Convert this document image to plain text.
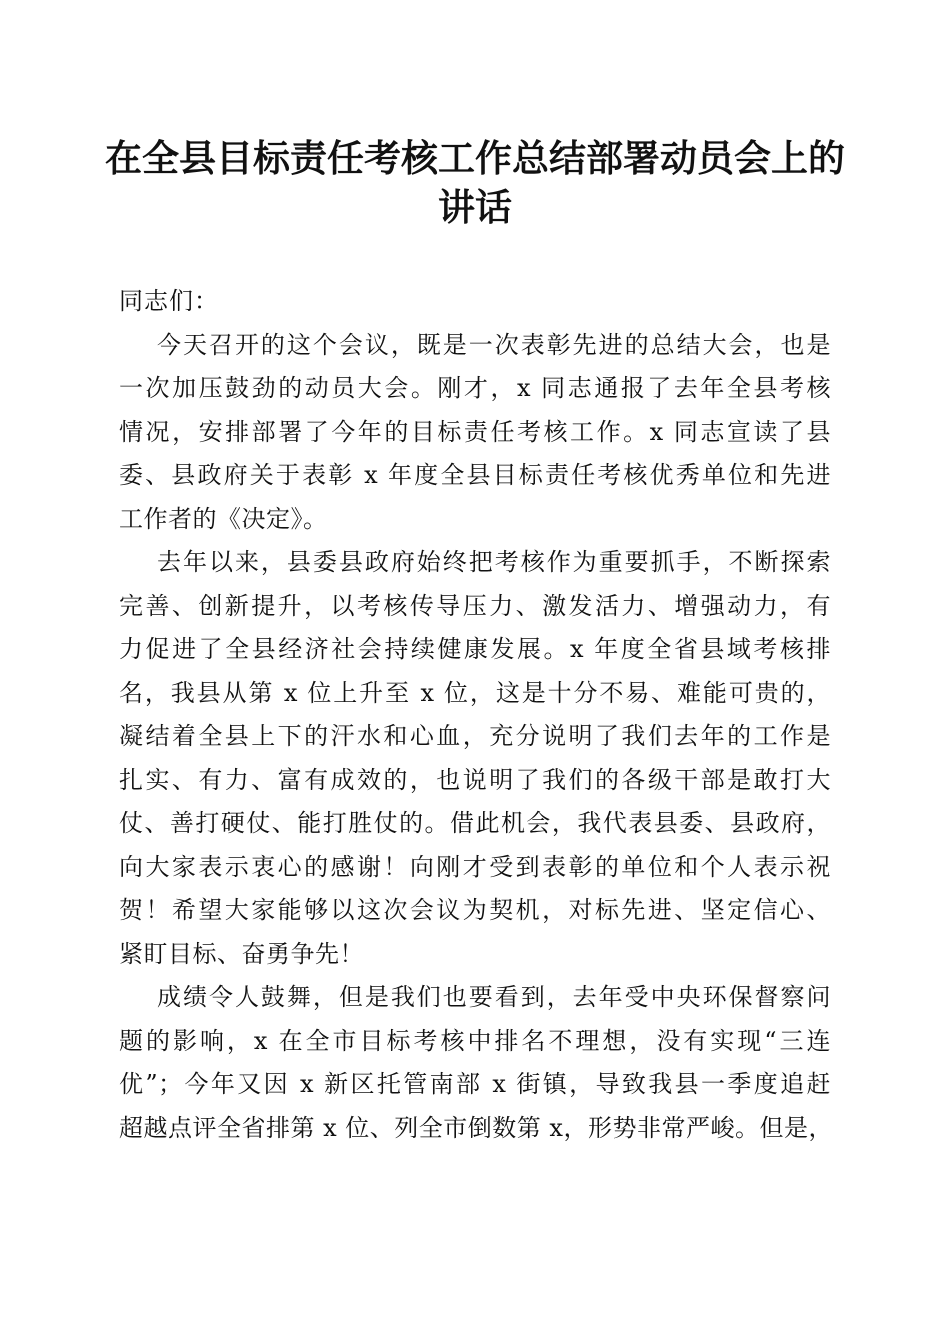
在全县目标责任考核工作总结部署动员会上的
讲话

同志们：

今天召开的这个会议，既是一次表彰先进的总结大会，也是
一次加压鼓劲的动员大会。刚才，x 同志通报了去年全县考核
情况，安排部署了今年的目标责任考核工作。x 同志宣读了县
委、县政府关于表彰 x 年度全县目标责任考核优秀单位和先进
工作者的《决定》。

去年以来，县委县政府始终把考核作为重要抓手，不断探索
完善、创新提升，以考核传导压力、激发活力、增强动力，有
力促进了全县经济社会持续健康发展。x 年度全省县域考核排
名，我县从第 x 位上升至 x 位，这是十分不易、难能可贵的，
凝结着全县上下的汗水和心血，充分说明了我们去年的工作是
扎实、有力、富有成效的，也说明了我们的各级干部是敢打大
仗、善打硬仗、能打胜仗的。借此机会，我代表县委、县政府，
向大家表示衷心的感谢！向刚才受到表彰的单位和个人表示祝
贺！希望大家能够以这次会议为契机，对标先进、坚定信心、
紧盯目标、奋勇争先！

成绩令人鼓舞，但是我们也要看到，去年受中央环保督察问
题的影响，x 在全市目标考核中排名不理想，没有实现“三连
优”；今年又因 x 新区托管南部 x 街镇，导致我县一季度追赶
超越点评全省排第 x 位、列全市倒数第 x，形势非常严峻。但是，
